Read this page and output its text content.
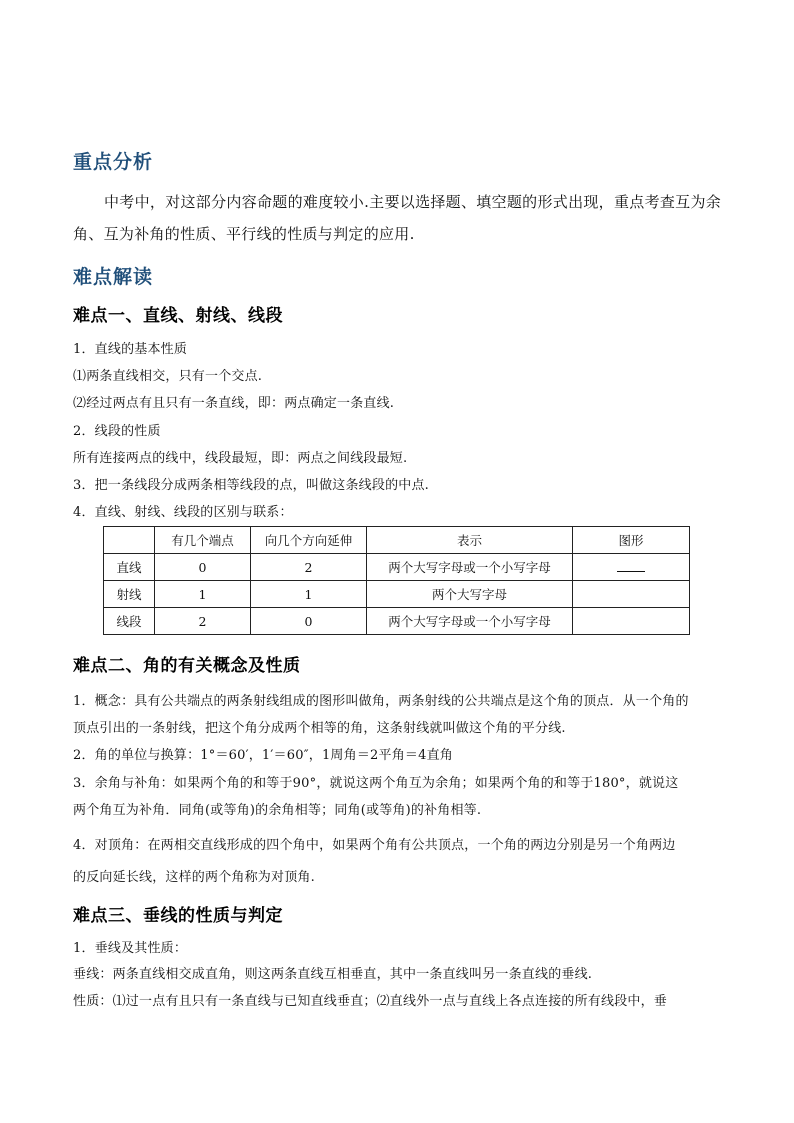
重点分析
中考中，对这部分内容命题的难度较小.主要以选择题、填空题的形式出现，重点考查互为余角、互为补角的性质、平行线的性质与判定的应用.
难点解读
难点一、直线、射线、线段
1．直线的基本性质
⑴两条直线相交，只有一个交点.
⑵经过两点有且只有一条直线，即：两点确定一条直线.
2．线段的性质
所有连接两点的线中，线段最短，即：两点之间线段最短.
3．把一条线段分成两条相等线段的点，叫做这条线段的中点.
4．直线、射线、线段的区别与联系：
	有几个端点	向几个方向延伸	表示	图形
直线	0	2	两个大写字母或一个小写字母	
射线	1	1	两个大写字母	
线段	2	0	两个大写字母或一个小写字母	
难点二、角的有关概念及性质
1．概念：具有公共端点的两条射线组成的图形叫做角，两条射线的公共端点是这个角的顶点．从一个角的
顶点引出的一条射线，把这个角分成两个相等的角，这条射线就叫做这个角的平分线.
2．角的单位与换算：1°＝60′，1′＝60″，1周角＝2平角＝4直角
3．余角与补角：如果两个角的和等于90°，就说这两个角互为余角；如果两个角的和等于180°，就说这
两个角互为补角．同角(或等角)的余角相等；同角(或等角)的补角相等.
4．对顶角：在两相交直线形成的四个角中，如果两个角有公共顶点，一个角的两边分别是另一个角两边
的反向延长线，这样的两个角称为对顶角.
难点三、垂线的性质与判定
1．垂线及其性质：
垂线：两条直线相交成直角，则这两条直线互相垂直，其中一条直线叫另一条直线的垂线.
性质：⑴过一点有且只有一条直线与已知直线垂直；⑵直线外一点与直线上各点连接的所有线段中，垂
